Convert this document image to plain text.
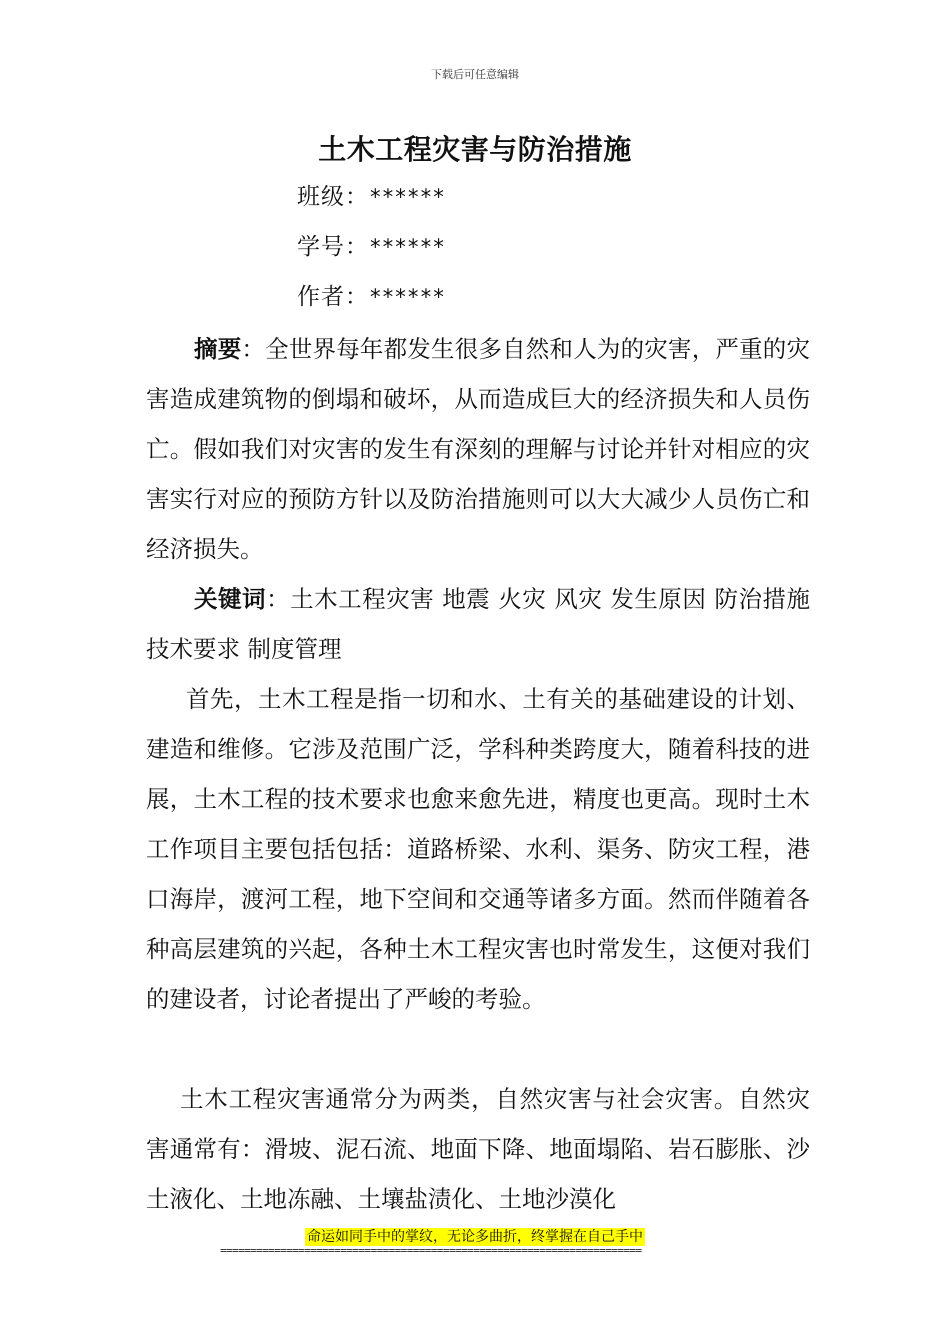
下载后可任意编辑
土木工程灾害与防治措施
班级：******
学号：******
作者：******
摘要：全世界每年都发生很多自然和人为的灾害，严重的灾害造成建筑物的倒塌和破坏，从而造成巨大的经济损失和人员伤亡。假如我们对灾害的发生有深刻的理解与讨论并针对相应的灾害实行对应的预防方针以及防治措施则可以大大减少人员伤亡和经济损失。
关键词：土木工程灾害 地震 火灾 风灾 发生原因 防治措施 技术要求 制度管理
首先，土木工程是指一切和水、土有关的基础建设的计划、建造和维修。它涉及范围广泛，学科种类跨度大，随着科技的进展，土木工程的技术要求也愈来愈先进，精度也更高。现时土木工作项目主要包括包括：道路桥梁、水利、渠务、防灾工程，港口海岸，渡河工程，地下空间和交通等诸多方面。然而伴随着各种高层建筑的兴起，各种土木工程灾害也时常发生，这便对我们的建设者，讨论者提出了严峻的考验。
土木工程灾害通常分为两类，自然灾害与社会灾害。自然灾害通常有：滑坡、泥石流、地面下降、地面塌陷、岩石膨胀、沙土液化、土地冻融、土壤盐渍化、土地沙漠化
命运如同手中的掌纹，无论多曲折，终掌握在自己手中
======================================================================
